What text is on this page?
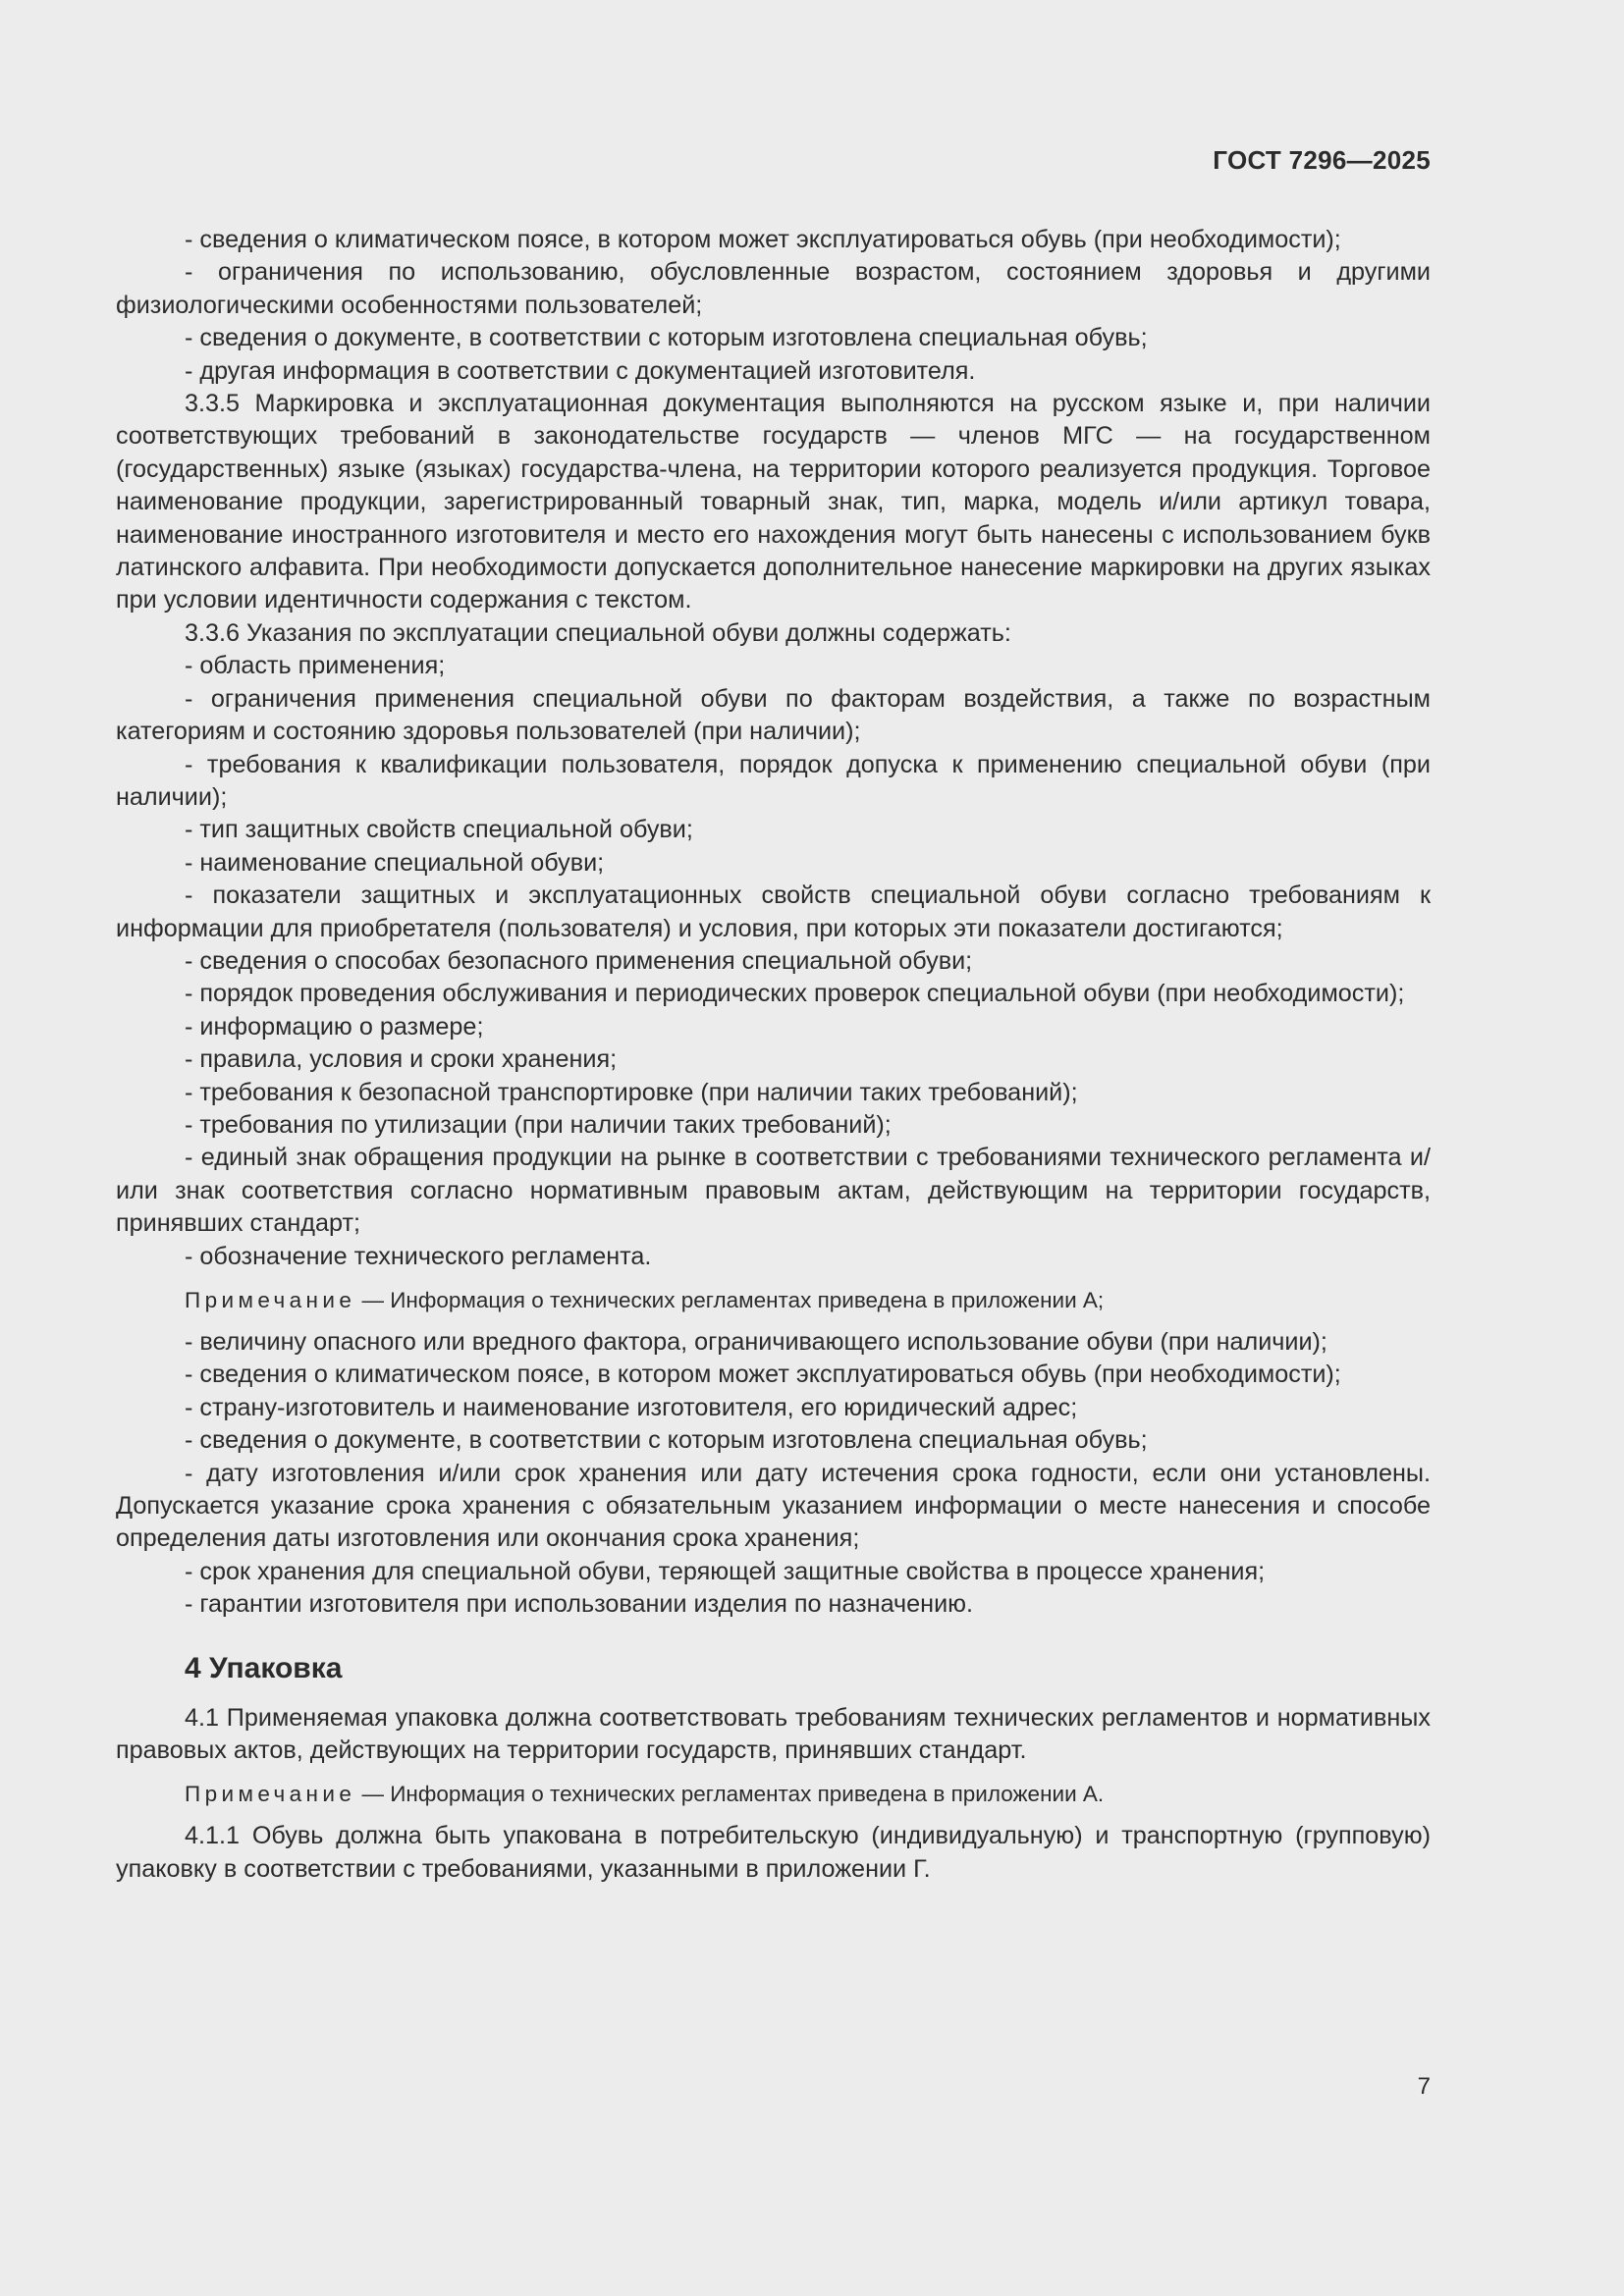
ГОСТ 7296—2025

- сведения о климатическом поясе, в котором может эксплуатироваться обувь (при необходимости);

- ограничения по использованию, обусловленные возрастом, состоянием здоровья и другими физиологическими особенностями пользователей;

- сведения о документе, в соответствии с которым изготовлена специальная обувь;

- другая информация в соответствии с документацией изготовителя.

3.3.5 Маркировка и эксплуатационная документация выполняются на русском языке и, при наличии соответствующих требований в законодательстве государств — членов МГС — на государственном (государственных) языке (языках) государства-члена, на территории которого реализуется продукция. Торговое наименование продукции, зарегистрированный товарный знак, тип, марка, модель и/или артикул товара, наименование иностранного изготовителя и место его нахождения могут быть нанесены с использованием букв латинского алфавита. При необходимости допускается дополнительное нанесение маркировки на других языках при условии идентичности содержания с текстом.

3.3.6 Указания по эксплуатации специальной обуви должны содержать:

- область применения;

- ограничения применения специальной обуви по факторам воздействия, а также по возрастным категориям и состоянию здоровья пользователей (при наличии);

- требования к квалификации пользователя, порядок допуска к применению специальной обуви (при наличии);

- тип защитных свойств специальной обуви;

- наименование специальной обуви;

- показатели защитных и эксплуатационных свойств специальной обуви согласно требованиям к информации для приобретателя (пользователя) и условия, при которых эти показатели достигаются;

- сведения о способах безопасного применения специальной обуви;

- порядок проведения обслуживания и периодических проверок специальной обуви (при необходимости);

- информацию о размере;

- правила, условия и сроки хранения;

- требования к безопасной транспортировке (при наличии таких требований);

- требования по утилизации (при наличии таких требований);

- единый знак обращения продукции на рынке в соответствии с требованиями технического регламента и/или знак соответствия согласно нормативным правовым актам, действующим на территории государств, принявших стандарт;

- обозначение технического регламента.

Примечание — Информация о технических регламентах приведена в приложении А;

- величину опасного или вредного фактора, ограничивающего использование обуви (при наличии);

- сведения о климатическом поясе, в котором может эксплуатироваться обувь (при необходимости);

- страну-изготовитель и наименование изготовителя, его юридический адрес;

- сведения о документе, в соответствии с которым изготовлена специальная обувь;

- дату изготовления и/или срок хранения или дату истечения срока годности, если они установлены. Допускается указание срока хранения с обязательным указанием информации о месте нанесения и способе определения даты изготовления или окончания срока хранения;

- срок хранения для специальной обуви, теряющей защитные свойства в процессе хранения;

- гарантии изготовителя при использовании изделия по назначению.

4 Упаковка

4.1 Применяемая упаковка должна соответствовать требованиям технических регламентов и нормативных правовых актов, действующих на территории государств, принявших стандарт.

Примечание — Информация о технических регламентах приведена в приложении А.

4.1.1 Обувь должна быть упакована в потребительскую (индивидуальную) и транспортную (групповую) упаковку в соответствии с требованиями, указанными в приложении Г.

7
